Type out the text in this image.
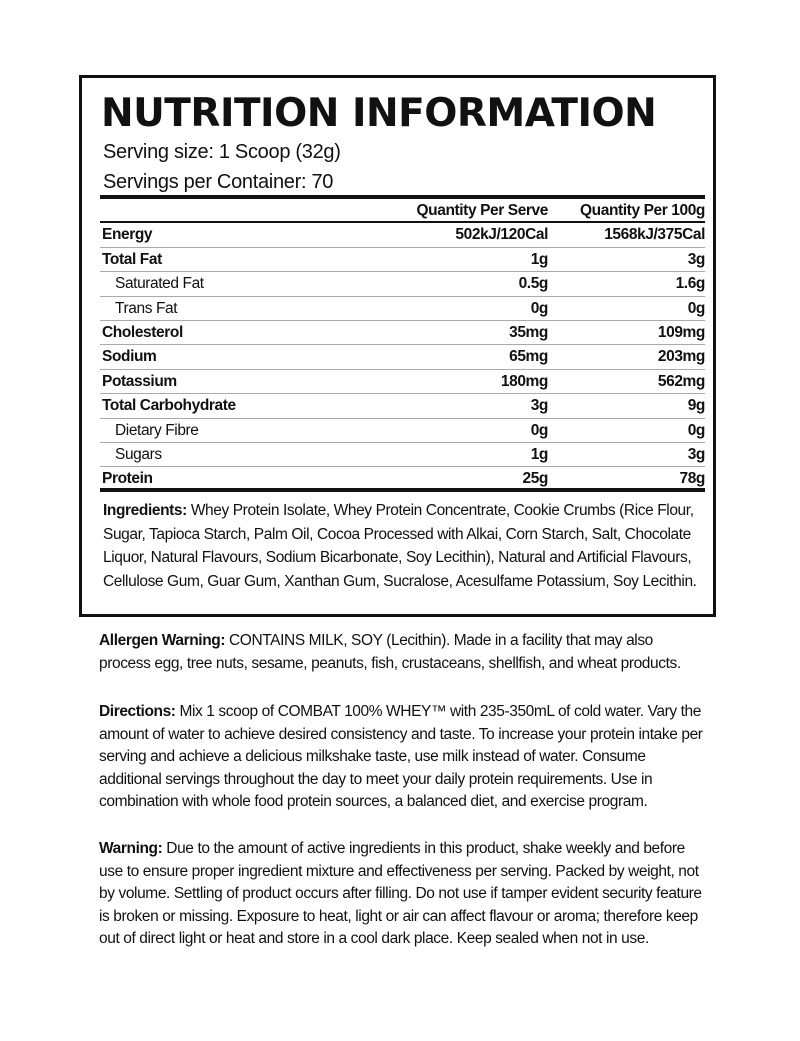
NUTRITION INFORMATION
Serving size: 1 Scoop (32g)
Servings per Container: 70
Quantity Per Serve Quantity Per 100g
Energy	502kJ/120Cal	1568kJ/375Cal
Total Fat	1g	3g
Saturated Fat	0.5g	1.6g
Trans Fat	0g	0g
Cholesterol	35mg	109mg
Sodium	65mg	203mg
Potassium	180mg	562mg
Total Carbohydrate	3g	9g
Dietary Fibre	0g	0g
Sugars	1g	3g
Protein	25g	78g

Ingredients: Whey Protein Isolate, Whey Protein Concentrate, Cookie Crumbs (Rice Flour, Sugar, Tapioca Starch, Palm Oil, Cocoa Processed with Alkai, Corn Starch, Salt, Chocolate Liquor, Natural Flavours, Sodium Bicarbonate, Soy Lecithin), Natural and Artificial Flavours, Cellulose Gum, Guar Gum, Xanthan Gum, Sucralose, Acesulfame Potassium, Soy Lecithin.

Allergen Warning: CONTAINS MILK, SOY (Lecithin). Made in a facility that may also process egg, tree nuts, sesame, peanuts, fish, crustaceans, shellfish, and wheat products.

Directions: Mix 1 scoop of COMBAT 100% WHEY™ with 235-350mL of cold water. Vary the amount of water to achieve desired consistency and taste. To increase your protein intake per serving and achieve a delicious milkshake taste, use milk instead of water. Consume additional servings throughout the day to meet your daily protein requirements. Use in combination with whole food protein sources, a balanced diet, and exercise program.

Warning: Due to the amount of active ingredients in this product, shake weekly and before use to ensure proper ingredient mixture and effectiveness per serving. Packed by weight, not by volume. Settling of product occurs after filling. Do not use if tamper evident security feature is broken or missing. Exposure to heat, light or air can affect flavour or aroma; therefore keep out of direct light or heat and store in a cool dark place. Keep sealed when not in use.
